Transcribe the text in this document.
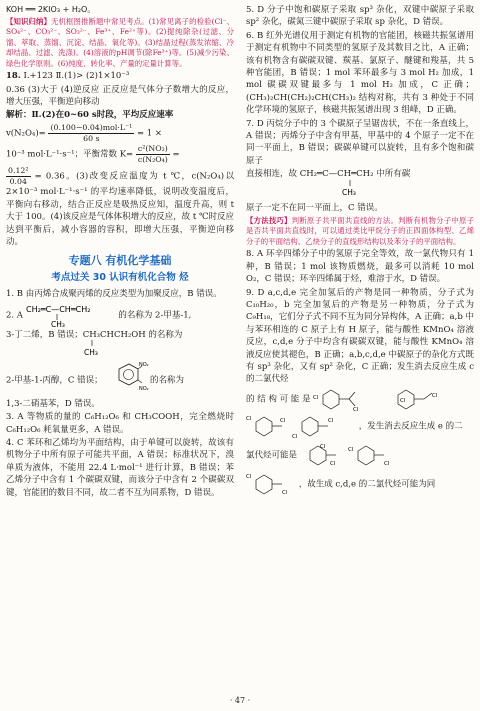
KOH ══ 2KIO₃ + H₂O。

【知识归纳】无机框图推断题中常见考点。(1)常见离子的检验(Cl⁻、SO₄²⁻、CO₃²⁻、SO₃²⁻、Fe³⁺、Fe²⁺等)。(2)提纯除杂(过滤、分馏、萃取、蒸馏、沉淀、结晶、氧化等)。(3)结晶过程(蒸发浓缩、冷却结晶、过滤、洗涤)。(4)溶液的pH调节(除Fe³⁺)等。(5)减少污染、绿色化学原则。(6)纯度、转化率、产量的定量计算等。

18. Ⅰ.+123 Ⅱ.(1)> (2)1×10⁻³

0.36 (3)大于 (4)逆反应 正反应是气体分子数增大的反应，增大压强，平衡逆向移动

解析：Ⅱ.(2)在0~60 s时段，平均反应速率

$v(N_2O_4)= \frac{\text{(0.100−0.04)mol·L⁻¹}}{60 s} = 1$ ×

10⁻³ mol·L⁻¹·s⁻¹；平衡常数 $K= \frac{\text{c²(NO₂)}}{\text{c(N₂O₄)}}$ =

$\frac{\text{0.12²}}{0.04} = 0.36$。(3)改变反应温度为 t ℃，c(N₂O₄)以 2×10⁻³ mol·L⁻¹·s⁻¹ 的平均速率降低，说明改变温度后，平衡向右移动，结合正反应是吸热反应知，温度升高，则 t 大于 100。(4)该反应是气体体积增大的反应，故 t ℃时反应达到平衡后，减小容器的容积，即增大压强，平衡逆向移动。

专题八 有机化学基础
考点过关 30 认识有机化合物 烃

1. B 由丙烯合成聚丙烯的反应类型为加聚反应，B 错误。

2. A
CH₂═C—CH═CH₂
CH₃
的名称为 2-甲基-1,

3-丁二烯，B 错误；CH₃CHCH₂OH 的名称为

CH₃

2-甲基-1-丙醇，C 错误；
NO₂
NO₂
的名称为

1,3-二硝基苯，D 错误。

3. A 等物质的量的 C₆H₁₂O₆ 和 CH₃COOH，完全燃烧时 C₆H₁₂O₆ 耗氧量更多，A 错误。

4. C 苯环和乙烯均为平面结构，由于单键可以旋转，故该有机物分子中所有原子可能共平面，A 错误；标准状况下，溴单质为液体，不能用 22.4 L·mol⁻¹ 进行计算，B 错误；苯乙烯分子中含有 1 个碳碳双键，而该分子中含有 2 个碳碳双键，官能团的数目不同，故二者不互为同系物，D 错误。

5. D 分子中饱和碳原子采取 sp³ 杂化，双键中碳原子采取 sp² 杂化，碳氮三键中碳原子采取 sp 杂化，D 错误。

6. B 红外光谱仪用于测定有机物的官能团，核磁共振氢谱用于测定有机物中不同类型的氢原子及其数目之比，A 正确；该有机物含有碳碳双键、羰基、氯原子、醚键和羧基，共 5 种官能团，B 错误；1 mol 苯环最多与 3 mol H₂ 加成，1 mol 碳碳双键最多与 1 mol H₂ 加成，C 正确；(CH₃)₂CH(CH₂)₂CH(CH₃)₂ 结构对称，共有 3 种处于不同化学环境的氢原子，核磁共振氢谱出现 3 组峰，D 正确。

7. D 丙烷分子中的 3 个碳原子呈锯齿状，不在一条直线上，A 错误；丙烯分子中含有甲基，甲基中的 4 个原子一定不在同一平面上，B 错误；碳碳单键可以旋转，且有多个饱和碳原子

直接相连，故 CH₂═C—CH═CH₂ 中所有碳

CH₃

原子一定不在同一平面上，C 错误。

【方法技巧】判断原子共平面共直线的方法。判断有机物分子中原子是否共平面共直线时，可以通过类比甲烷分子的正四面体构型、乙烯分子的平面结构、乙炔分子的直线形结构以及苯分子的平面结构。

8. A 环辛四烯分子中的氢原子完全等效，故一氯代物只有 1 种，B 错误；1 mol 该物质燃烧，最多可以消耗 10 mol O₂，C 错误；环辛四烯属于烃，难溶于水，D 错误。

9. D a,c,d,e 完全加氢后的产物是同一种物质，分子式为 C₁₀H₂₀，b 完全加氢后的产物是另一种物质，分子式为 C₉H₁₈，它们分子式不同不互为同分异构体，A 正确；a,b 中与苯环相连的 C 原子上有 H 原子，能与酸性 KMnO₄ 溶液反应，c,d,e 分子中均含有碳碳双键，能与酸性 KMnO₄ 溶液反应使其褪色，B 正确；a,b,c,d,e 中碳原子的杂化方式既有 sp³ 杂化，又有 sp² 杂化，C 正确；发生消去反应生成 c 的二氯代烃

的 结 构 可 能 是 Cl
Cl

Cl
Cl

Cl	Cl
Cl
Cl
，发生消去反应生成 e 的二

氯代烃可能是
Cl
Cl
Cl
Cl

Cl
Cl
，故生成 c,d,e 的二氯代烃可能为同

· 47 ·
